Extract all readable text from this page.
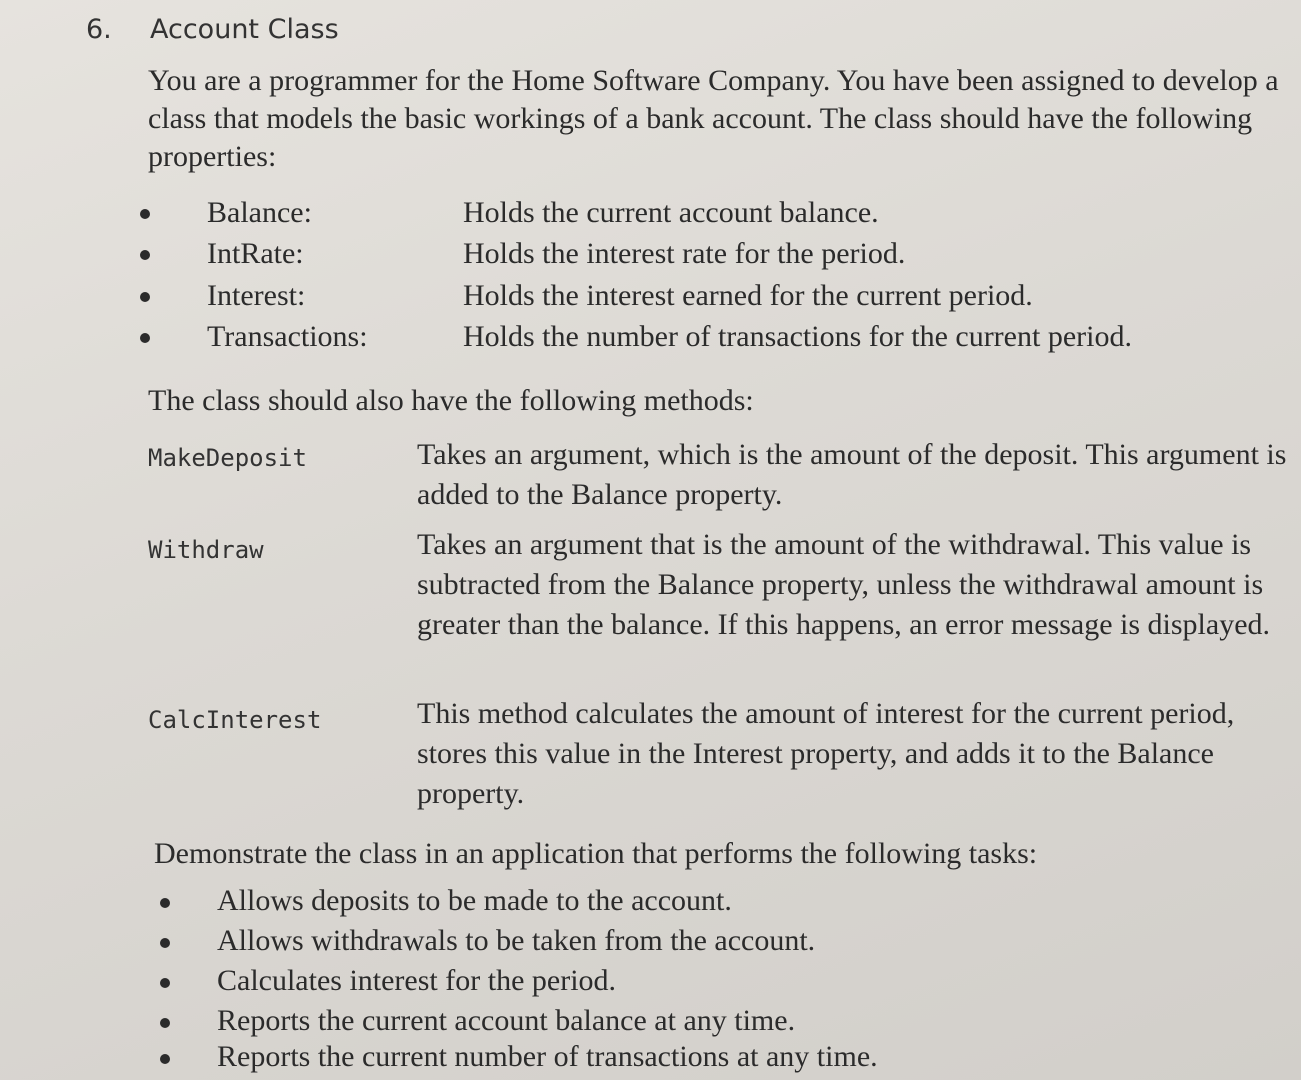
6. Account Class
You are a programmer for the Home Software Company. You have been assigned to develop a class that models the basic workings of a bank account. The class should have the following properties:
Balance:	Holds the current account balance.
IntRate:	Holds the interest rate for the period.
Interest:	Holds the interest earned for the current period.
Transactions:	Holds the number of transactions for the current period.
The class should also have the following methods:
MakeDeposit	Takes an argument, which is the amount of the deposit. This argument is added to the Balance property.
Withdraw	Takes an argument that is the amount of the withdrawal. This value is subtracted from the Balance property, unless the withdrawal amount is greater than the balance. If this happens, an error message is displayed.
CalcInterest	This method calculates the amount of interest for the current period, stores this value in the Interest property, and adds it to the Balance property.
Demonstrate the class in an application that performs the following tasks:
Allows deposits to be made to the account.
Allows withdrawals to be taken from the account.
Calculates interest for the period.
Reports the current account balance at any time.
Reports the current number of transactions at any time.
